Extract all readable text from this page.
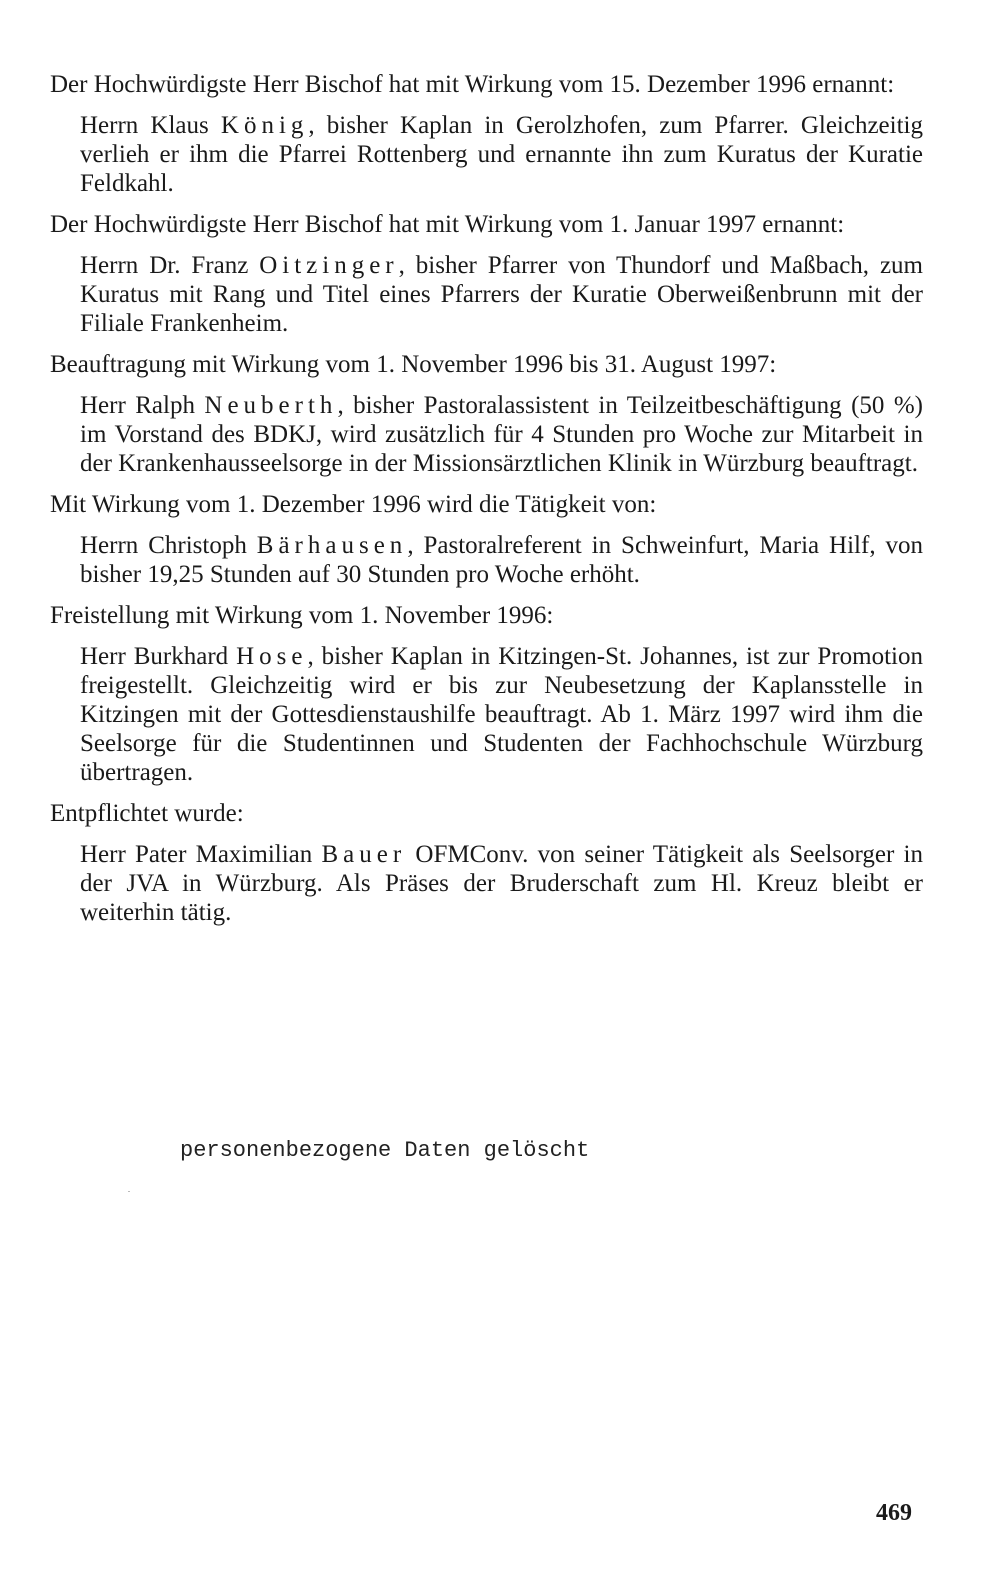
Der Hochwürdigste Herr Bischof hat mit Wirkung vom 15. Dezember 1996 ernannt:

Herrn Klaus König, bisher Kaplan in Gerolzhofen, zum Pfarrer. Gleichzeitig verlieh er ihm die Pfarrei Rottenberg und ernannte ihn zum Kuratus der Kuratie Feldkahl.

Der Hochwürdigste Herr Bischof hat mit Wirkung vom 1. Januar 1997 ernannt:

Herrn Dr. Franz Oitzinger, bisher Pfarrer von Thundorf und Maßbach, zum Kuratus mit Rang und Titel eines Pfarrers der Kuratie Oberweißenbrunn mit der Filiale Frankenheim.

Beauftragung mit Wirkung vom 1. November 1996 bis 31. August 1997:

Herr Ralph Neuberth, bisher Pastoralassistent in Teilzeitbeschäftigung (50 %) im Vorstand des BDKJ, wird zusätzlich für 4 Stunden pro Woche zur Mitarbeit in der Krankenhausseelsorge in der Missionsärztlichen Klinik in Würzburg beauftragt.

Mit Wirkung vom 1. Dezember 1996 wird die Tätigkeit von:

Herrn Christoph Bärhausen, Pastoralreferent in Schweinfurt, Maria Hilf, von bisher 19,25 Stunden auf 30 Stunden pro Woche erhöht.

Freistellung mit Wirkung vom 1. November 1996:

Herr Burkhard Hose, bisher Kaplan in Kitzingen-St. Johannes, ist zur Promotion freigestellt. Gleichzeitig wird er bis zur Neubesetzung der Kaplansstelle in Kitzingen mit der Gottesdienstaushilfe beauftragt. Ab 1. März 1997 wird ihm die Seelsorge für die Studentinnen und Studenten der Fachhochschule Würzburg übertragen.

Entpflichtet wurde:

Herr Pater Maximilian Bauer OFMConv. von seiner Tätigkeit als Seelsorger in der JVA in Würzburg. Als Präses der Bruderschaft zum Hl. Kreuz bleibt er weiterhin tätig.

personenbezogene Daten gelöscht
469
